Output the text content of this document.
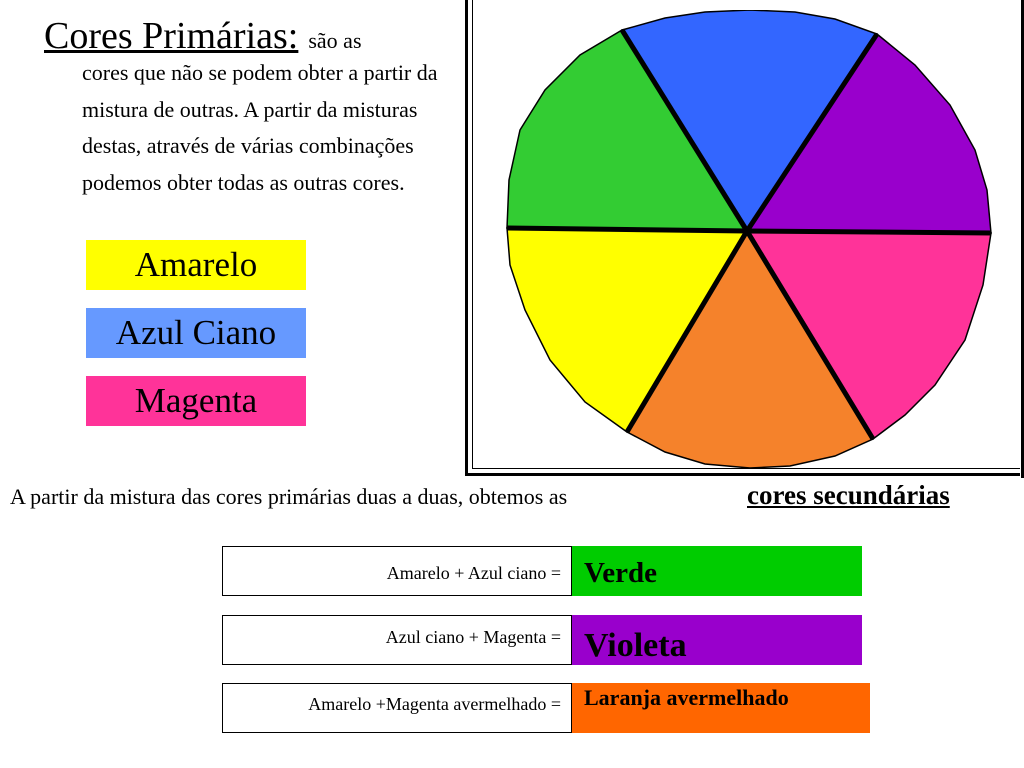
Cores Primárias: são as
cores que não se podem obter a partir da mistura de outras. A partir da misturas destas, através de várias combinações podemos obter todas as outras cores.
Amarelo
Azul Ciano
Magenta
A partir da mistura das cores primárias duas a duas, obtemos as	cores secundárias
Amarelo + Azul ciano = Verde
Azul ciano + Magenta = Violeta
Amarelo +Magenta avermelhado =	Laranja avermelhado
